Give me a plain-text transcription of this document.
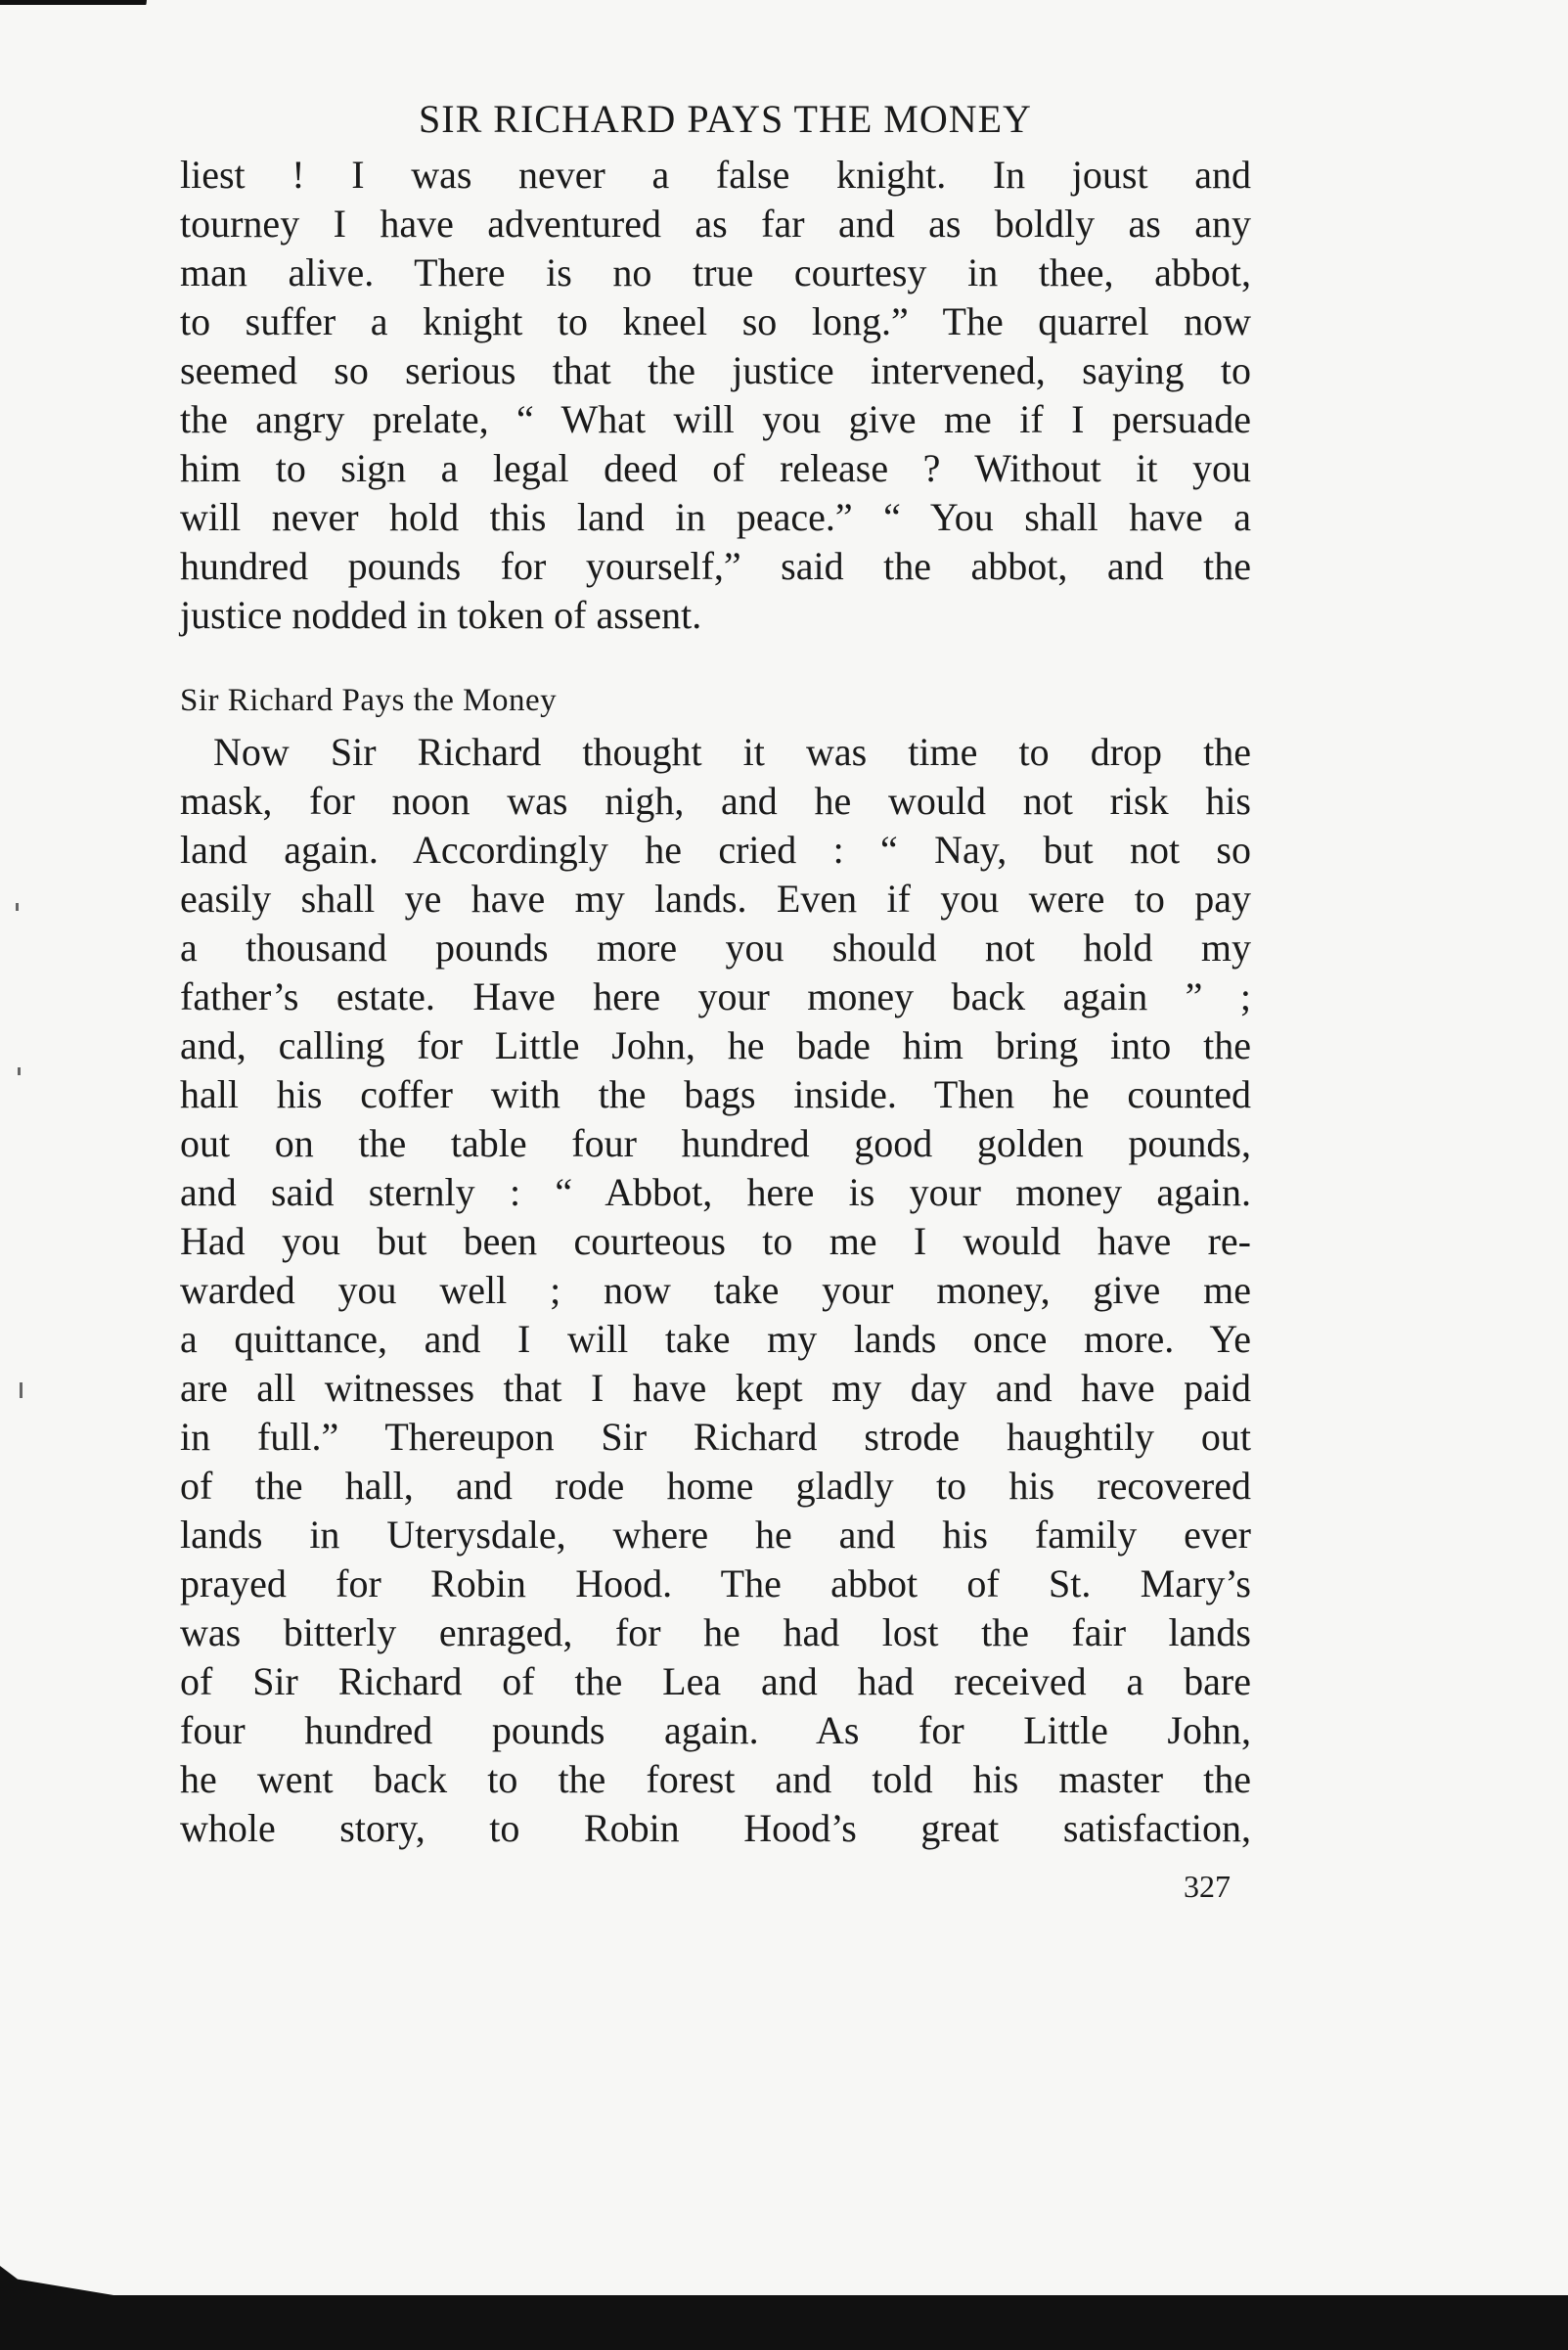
SIR RICHARD PAYS THE MONEY
liest ! I was never a false knight. In joust and
tourney I have adventured as far and as boldly as any
man alive. There is no true courtesy in thee, abbot,
to suffer a knight to kneel so long.” The quarrel now
seemed so serious that the justice intervened, saying to
the angry prelate, “ What will you give me if I persuade
him to sign a legal deed of release ? Without it you
will never hold this land in peace.” “ You shall have a
hundred pounds for yourself,” said the abbot, and the
justice nodded in token of assent.
Sir Richard Pays the Money
Now Sir Richard thought it was time to drop the
mask, for noon was nigh, and he would not risk his
land again. Accordingly he cried : “ Nay, but not so
easily shall ye have my lands. Even if you were to pay
a thousand pounds more you should not hold my
father’s estate. Have here your money back again ” ;
and, calling for Little John, he bade him bring into the
hall his coffer with the bags inside. Then he counted
out on the table four hundred good golden pounds,
and said sternly : “ Abbot, here is your money again.
Had you but been courteous to me I would have re-
warded you well ; now take your money, give me
a quittance, and I will take my lands once more. Ye
are all witnesses that I have kept my day and have paid
in full.” Thereupon Sir Richard strode haughtily out
of the hall, and rode home gladly to his recovered
lands in Uterysdale, where he and his family ever
prayed for Robin Hood. The abbot of St. Mary’s
was bitterly enraged, for he had lost the fair lands
of Sir Richard of the Lea and had received a bare
four hundred pounds again. As for Little John,
he went back to the forest and told his master the
whole story, to Robin Hood’s great satisfaction,
327
